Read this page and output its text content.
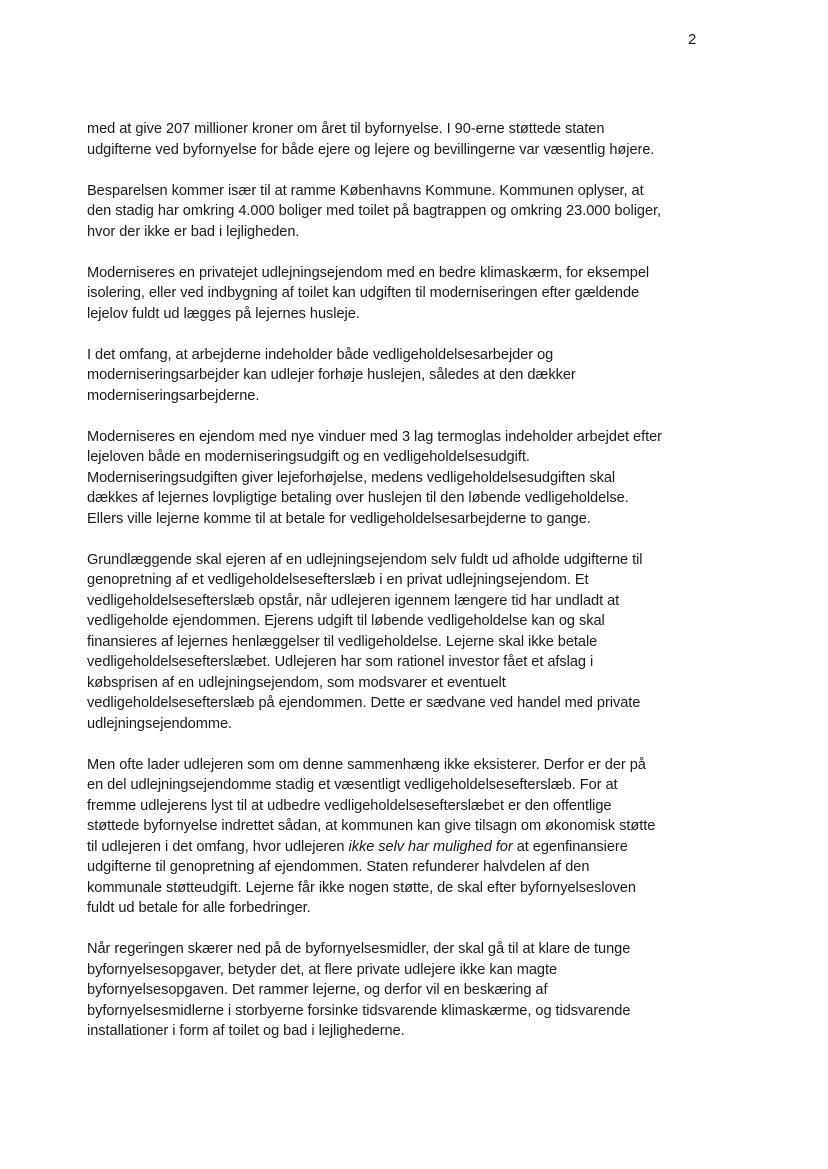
2

med at give 207 millioner kroner om året til byfornyelse. I 90-erne støttede staten
udgifterne ved byfornyelse for både ejere og lejere og bevillingerne var væsentlig højere.

Besparelsen kommer især til at ramme Københavns Kommune. Kommunen oplyser, at
den stadig har omkring 4.000 boliger med toilet på bagtrappen og omkring 23.000 boliger,
hvor der ikke er bad i lejligheden.

Moderniseres en privatejet udlejningsejendom med en bedre klimaskærm, for eksempel
isolering, eller ved indbygning af toilet kan udgiften til moderniseringen efter gældende
lejelov fuldt ud lægges på lejernes husleje.

I det omfang, at arbejderne indeholder både vedligeholdelsesarbejder og
moderniseringsarbejder kan udlejer forhøje huslejen, således at den dækker
moderniseringsarbejderne.

Moderniseres en ejendom med nye vinduer med 3 lag termoglas indeholder arbejdet efter
lejeloven både en moderniseringsudgift og en vedligeholdelsesudgift.
Moderniseringsudgiften giver lejeforhøjelse, medens vedligeholdelsesudgiften skal
dækkes af lejernes lovpligtige betaling over huslejen til den løbende vedligeholdelse.
Ellers ville lejerne komme til at betale for vedligeholdelsesarbejderne to gange.

Grundlæggende skal ejeren af en udlejningsejendom selv fuldt ud afholde udgifterne til
genopretning af et vedligeholdelsesefterslæb i en privat udlejningsejendom. Et
vedligeholdelsesefterslæb opstår, når udlejeren igennem længere tid har undladt at
vedligeholde ejendommen. Ejerens udgift til løbende vedligeholdelse kan og skal
finansieres af lejernes henlæggelser til vedligeholdelse. Lejerne skal ikke betale
vedligeholdelsesefterslæbet. Udlejeren har som rationel investor fået et afslag i
købsprisen af en udlejningsejendom, som modsvarer et eventuelt
vedligeholdelsesefterslæb på ejendommen. Dette er sædvane ved handel med private
udlejningsejendomme.

Men ofte lader udlejeren som om denne sammenhæng ikke eksisterer. Derfor er der på
en del udlejningsejendomme stadig et væsentligt vedligeholdelsesefterslæb. For at
fremme udlejerens lyst til at udbedre vedligeholdelsesefterslæbet er den offentlige
støttede byfornyelse indrettet sådan, at kommunen kan give tilsagn om økonomisk støtte
til udlejeren i det omfang, hvor udlejeren ikke selv har mulighed for at egenfinansiere
udgifterne til genopretning af ejendommen. Staten refunderer halvdelen af den
kommunale støtteudgift. Lejerne får ikke nogen støtte, de skal efter byfornyelsesloven
fuldt ud betale for alle forbedringer.

Når regeringen skærer ned på de byfornyelsesmidler, der skal gå til at klare de tunge
byfornyelsesopgaver, betyder det, at flere private udlejere ikke kan magte
byfornyelsesopgaven. Det rammer lejerne, og derfor vil en beskæring af
byfornyelsesmidlerne i storbyerne forsinke tidsvarende klimaskærme, og tidsvarende
installationer i form af toilet og bad i lejlighederne.
